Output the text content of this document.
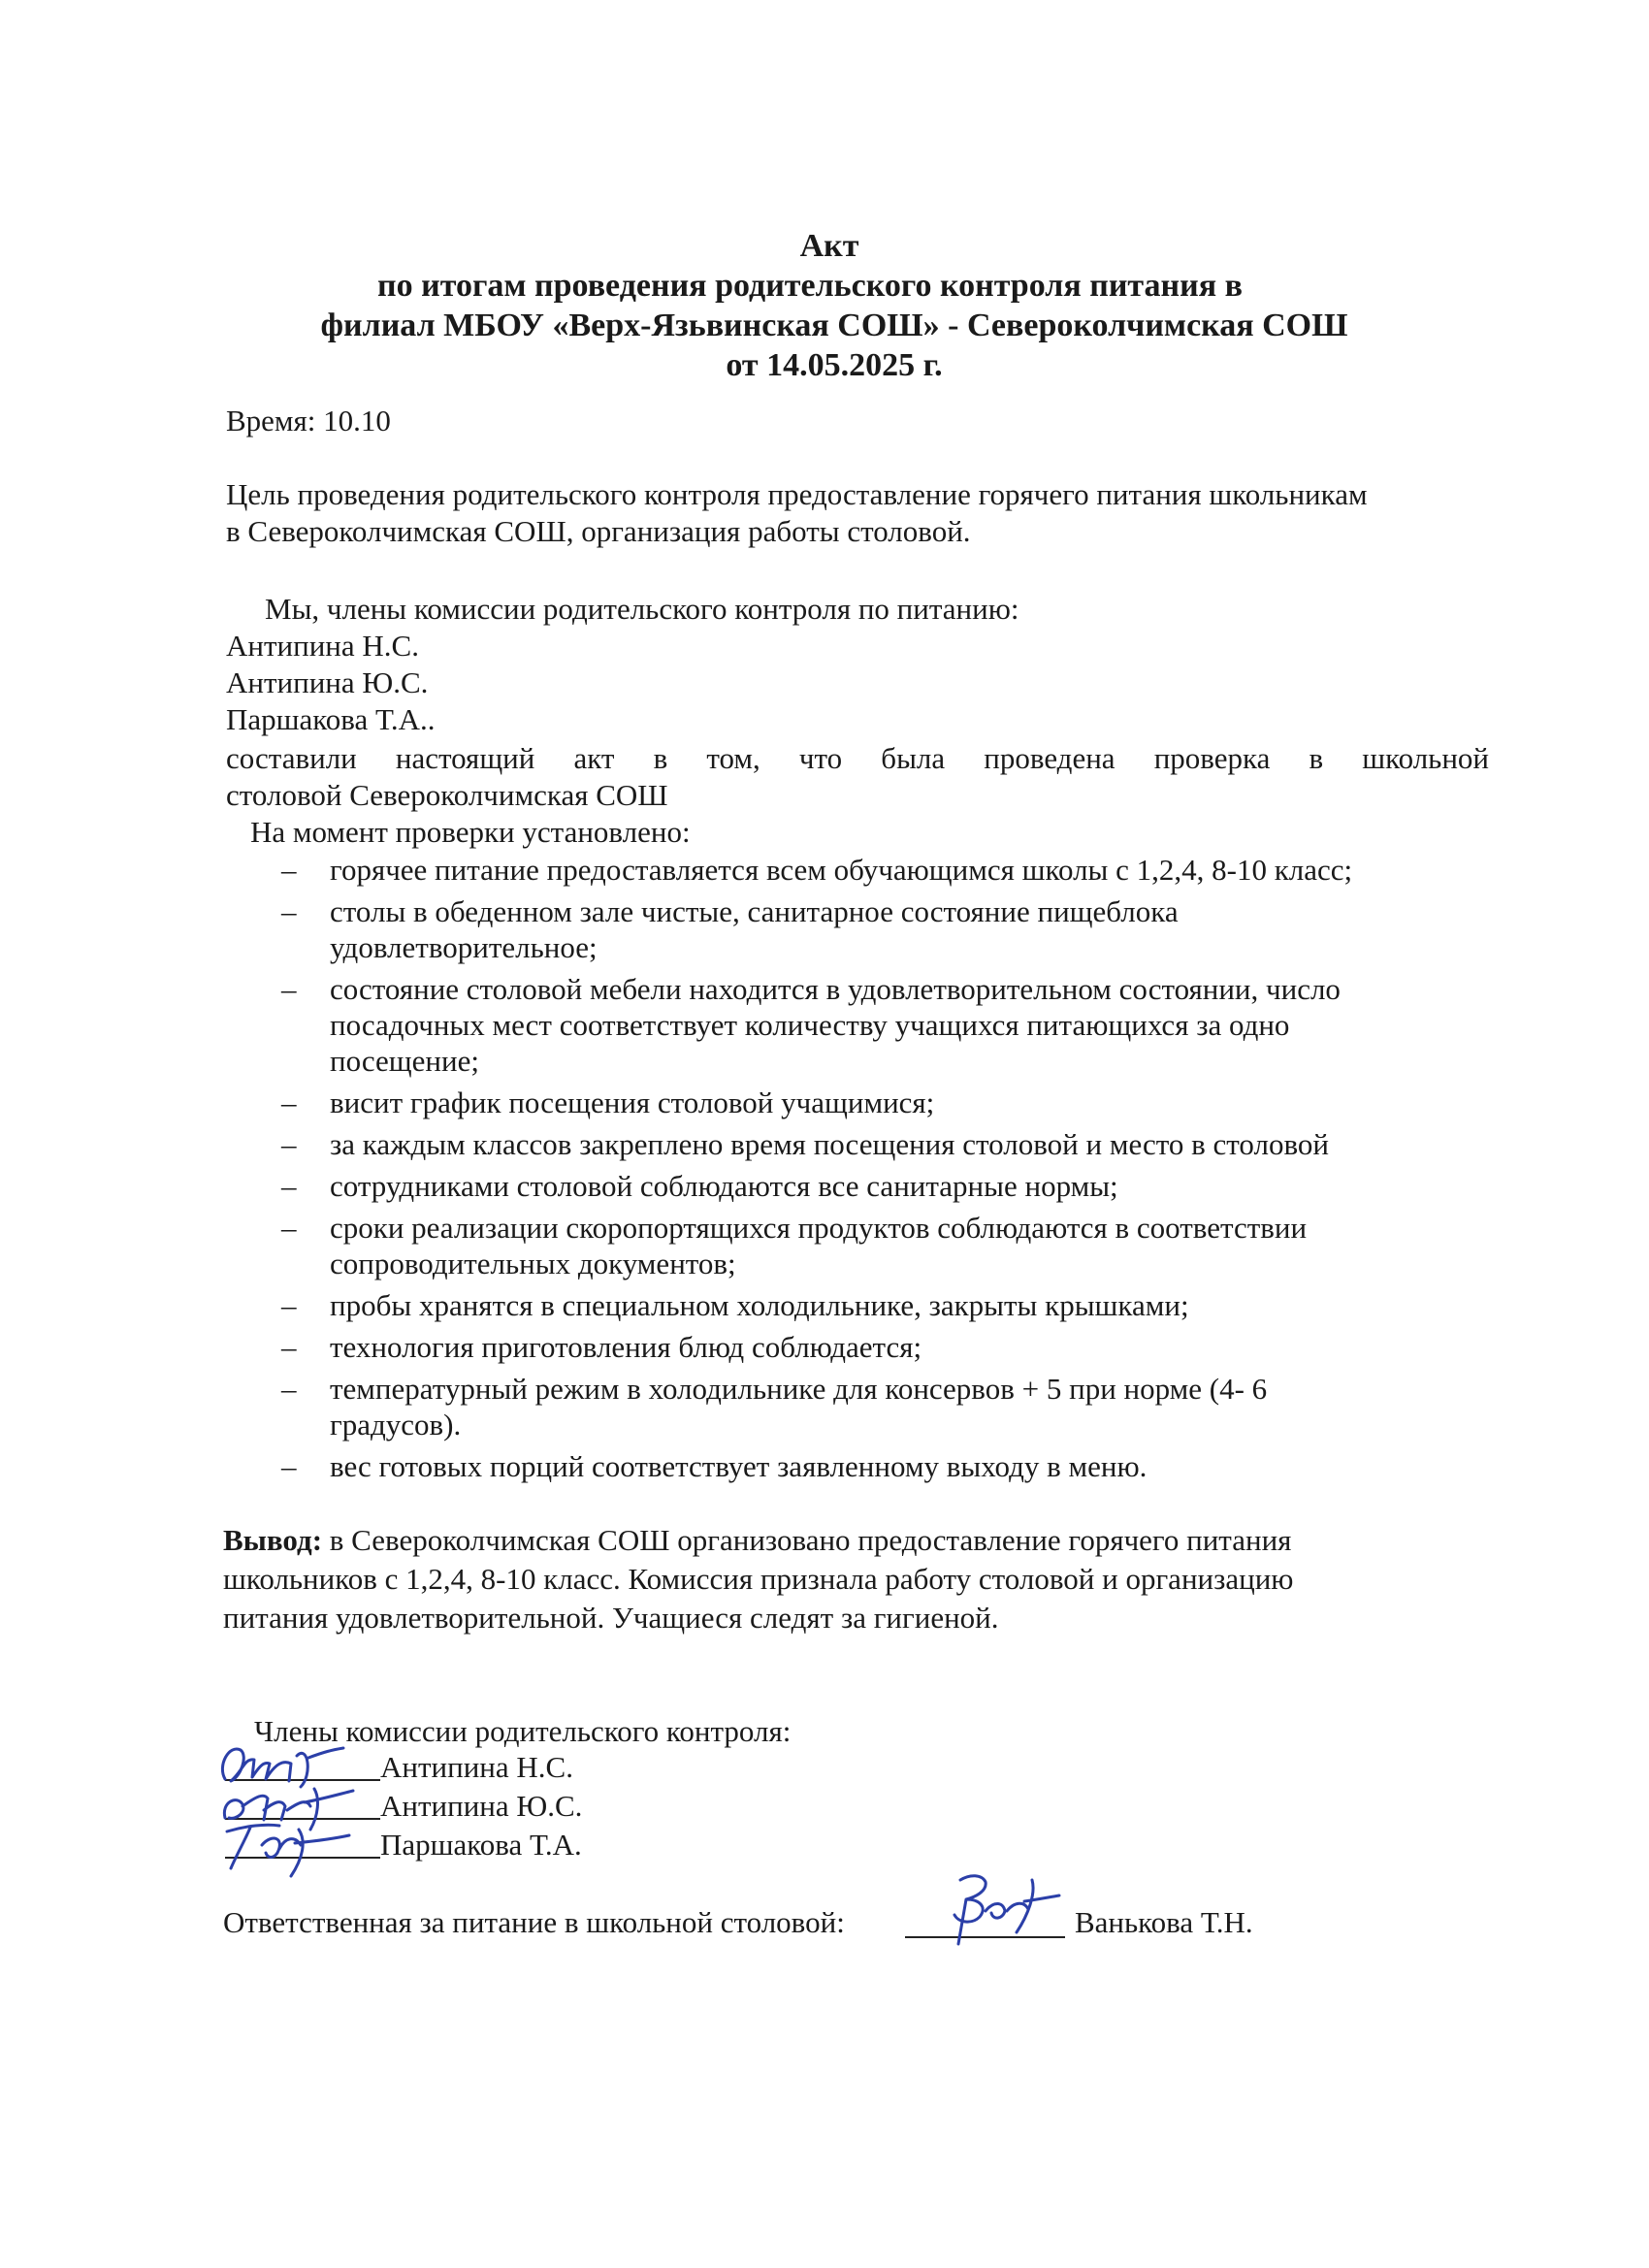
Акт
по итогам проведения родительского контроля питания в
филиал МБОУ «Верх-Язьвинская СОШ» - Североколчимская СОШ
от 14.05.2025 г.
Время: 10.10
Цель проведения родительского контроля предоставление горячего питания школьникам
в Североколчимская СОШ, организация работы столовой.
Мы, члены комиссии родительского контроля по питанию:
Антипина Н.С.
Антипина Ю.С.
Паршакова Т.А..
составили настоящий акт в том, что была проведена проверка в школьной
столовой Североколчимская СОШ
На момент проверки установлено:
– горячее питание предоставляется всем обучающимся школы с 1,2,4, 8-10 класс;
– столы в обеденном зале чистые, санитарное состояние пищеблока
удовлетворительное;
– состояние столовой мебели находится в удовлетворительном состоянии, число
посадочных мест соответствует количеству учащихся питающихся за одно
посещение;
– висит график посещения столовой учащимися;
– за каждым классов закреплено время посещения столовой и место в столовой
– сотрудниками столовой соблюдаются все санитарные нормы;
– сроки реализации скоропортящихся продуктов соблюдаются в соответствии
сопроводительных документов;
– пробы хранятся в специальном холодильнике, закрыты крышками;
– технология приготовления блюд соблюдается;
– температурный режим в холодильнике для консервов + 5 при норме (4- 6
градусов).
– вес готовых порций соответствует заявленному выходу в меню.
Вывод: в Североколчимская СОШ организовано предоставление горячего питания
школьников с 1,2,4, 8-10 класс. Комиссия признала работу столовой и организацию
питания удовлетворительной. Учащиеся следят за гигиеной.
Члены комиссии родительского контроля:
Антипина Н.С.
Антипина Ю.С.
Паршакова Т.А.
Ответственная за питание в школьной столовой:	Ванькова Т.Н.
